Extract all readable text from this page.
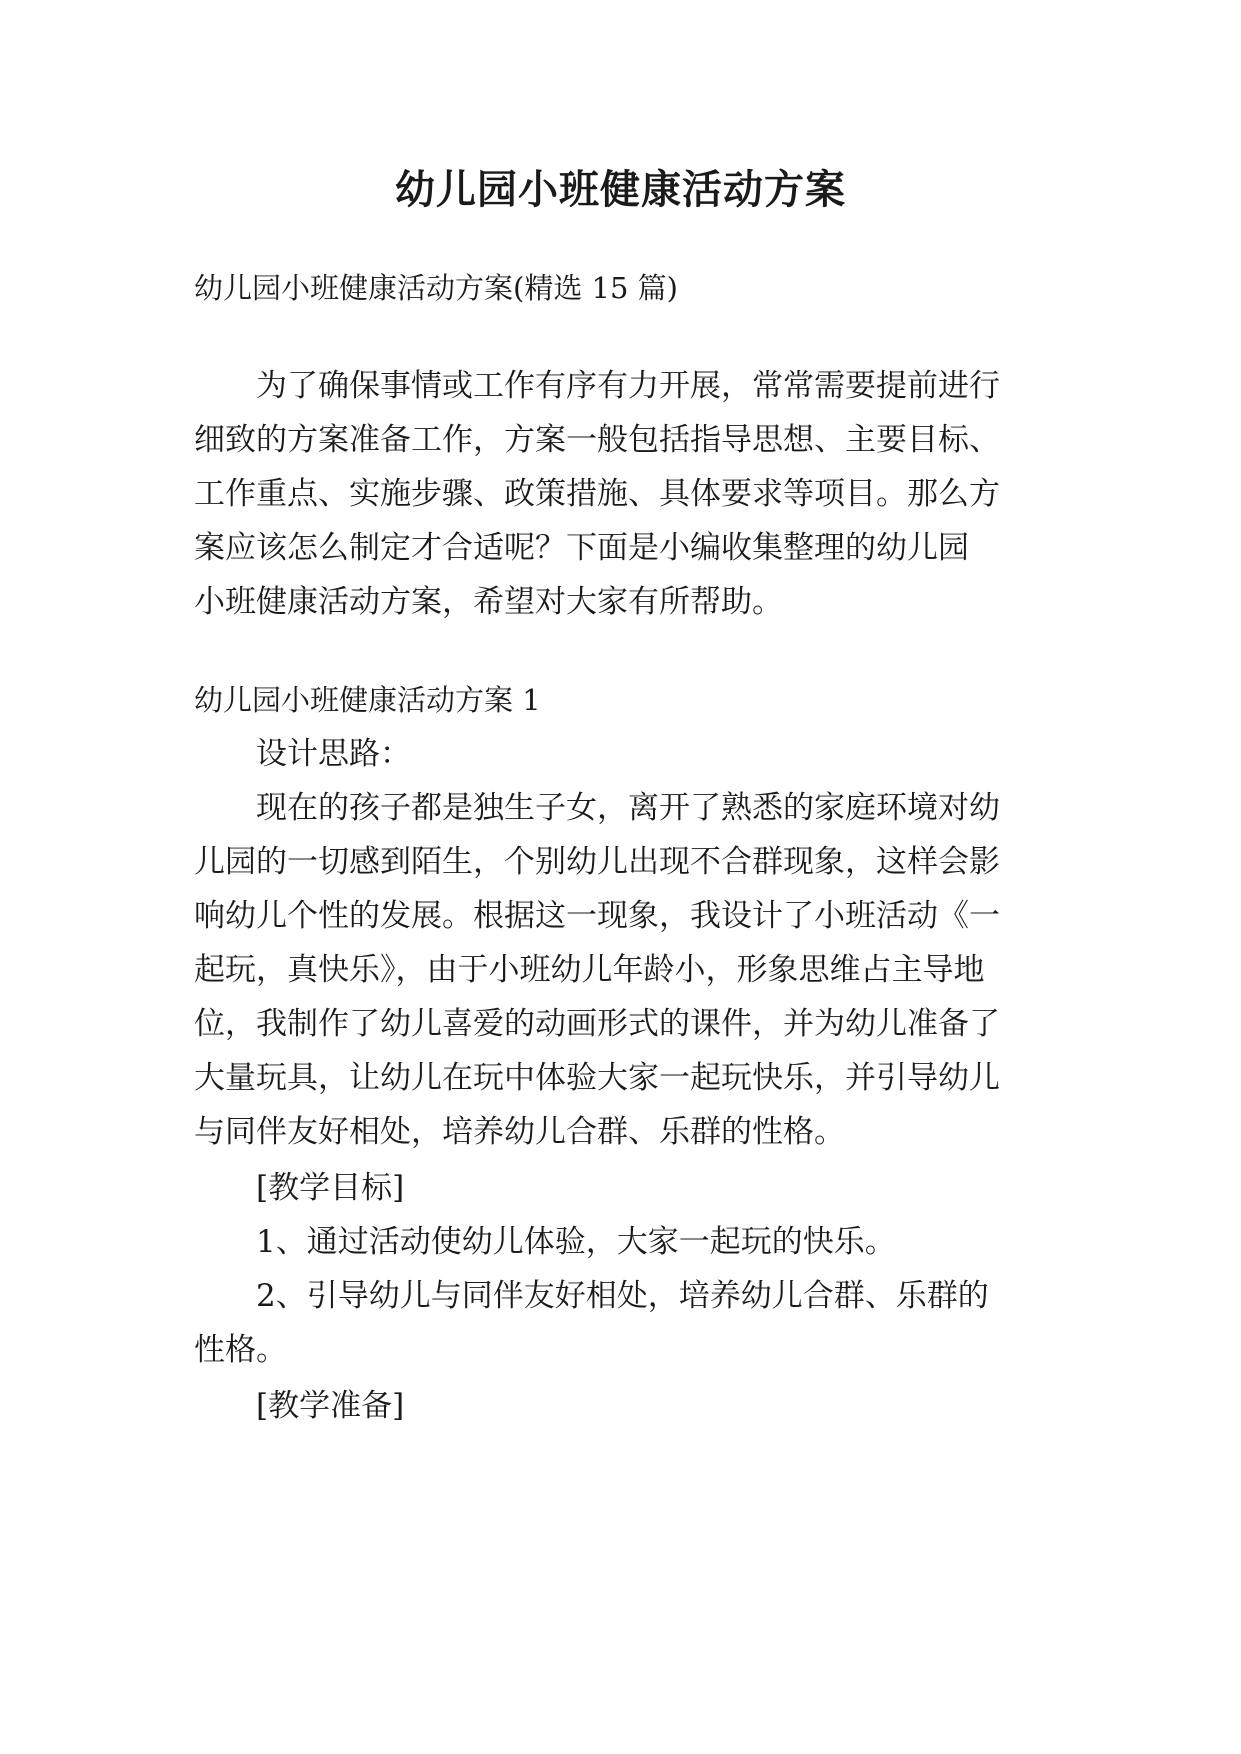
幼儿园小班健康活动方案

幼儿园小班健康活动方案(精选 15 篇)

为了确保事情或工作有序有力开展，常常需要提前进行

细致的方案准备工作，方案一般包括指导思想、主要目标、

工作重点、实施步骤、政策措施、具体要求等项目。那么方

案应该怎么制定才合适呢？下面是小编收集整理的幼儿园

小班健康活动方案，希望对大家有所帮助。

幼儿园小班健康活动方案 1

设计思路：

现在的孩子都是独生子女，离开了熟悉的家庭环境对幼

儿园的一切感到陌生，个别幼儿出现不合群现象，这样会影

响幼儿个性的发展。根据这一现象，我设计了小班活动《一

起玩，真快乐》，由于小班幼儿年龄小，形象思维占主导地

位，我制作了幼儿喜爱的动画形式的课件，并为幼儿准备了

大量玩具，让幼儿在玩中体验大家一起玩快乐，并引导幼儿

与同伴友好相处，培养幼儿合群、乐群的性格。

[教学目标]

1、通过活动使幼儿体验，大家一起玩的快乐。

2、引导幼儿与同伴友好相处，培养幼儿合群、乐群的

性格。

[教学准备]
